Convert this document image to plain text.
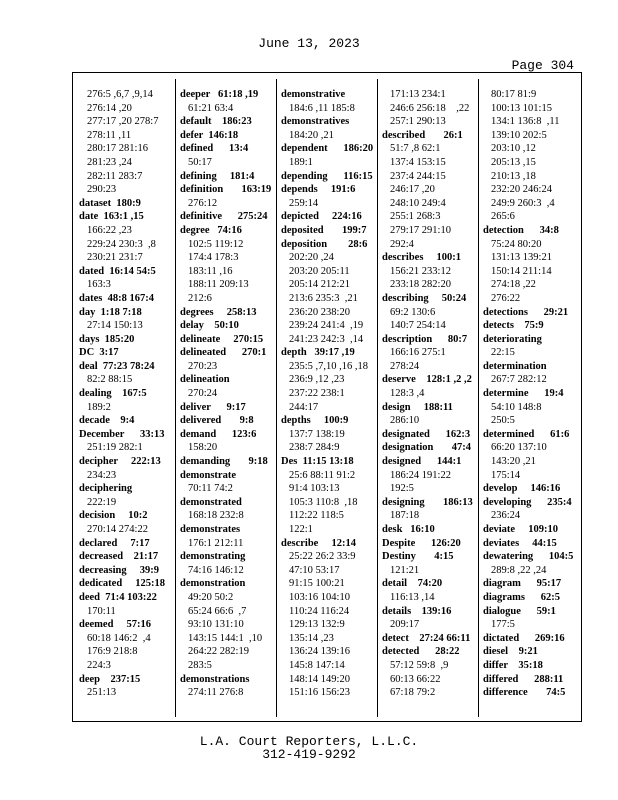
June 13, 2023
Page 304
276:5 ,6,7 ,9,14
276:14 ,20
277:17 ,20 278:7
278:11 ,11
280:17 281:16
281:23 ,24
282:11 283:7
290:23
dataset  180:9
date  163:1 ,15
166:22 ,23
229:24 230:3  ,8
230:21 231:7
dated  16:14 54:5
163:3
dates  48:8 167:4
day  1:18 7:18
27:14 150:13
days  185:20
DC  3:17
deal  77:23 78:24
82:2 88:15
dealing    167:5
189:2
decade    9:4
December      33:13
251:19 282:1
decipher     222:13
234:23
deciphering
222:19
decision     10:2
270:14 274:22
declared     7:17
decreased    21:17
decreasing     39:9
dedicated     125:18
deed  71:4 103:22
170:11
deemed     57:16
60:18 146:2  ,4
176:9 218:8
224:3
deep    237:15
251:13
deeper   61:18 ,19
61:21 63:4
default    186:23
defer  146:18
defined      13:4
50:17
defining     181:4
definition       163:19
276:12
definitive      275:24
degree   74:16
102:5 119:12
174:4 178:3
183:11 ,16
188:11 209:13
212:6
degrees     258:13
delay    50:10
delineate     270:15
delineated      270:1
270:23
delineation
270:24
deliver      9:17
delivered       9:8
demand      123:6
158:20
demanding       9:18
demonstrate
70:11 74:2
demonstrated
168:18 232:8
demonstrates
176:1 212:11
demonstrating
74:16 146:12
demonstration
49:20 50:2
65:24 66:6  ,7
93:10 131:10
143:15 144:1  ,10
264:22 282:19
283:5
demonstrations
274:11 276:8
demonstrative
184:6 ,11 185:8
demonstratives
184:20 ,21
dependent      186:20
189:1
depending      116:15
depends     191:6
259:14
depicted     224:16
deposited       199:7
deposition        28:6
202:20 ,24
203:20 205:11
205:14 212:21
213:6 235:3  ,21
236:20 238:20
239:24 241:4  ,19
241:23 242:3  ,14
depth   39:17 ,19
235:5 ,7,10 ,16 ,18
236:9 ,12 ,23
237:22 238:1
244:17
depths     100:9
137:7 138:19
238:7 284:9
Des  11:15 13:18
25:6 88:11 91:2
91:4 103:13
105:3 110:8  ,18
112:22 118:5
122:1
describe     12:14
25:22 26:2 33:9
47:10 53:17
91:15 100:21
103:16 104:10
110:24 116:24
129:13 132:9
135:14 ,23
136:24 139:16
145:8 147:14
148:14 149:20
151:16 156:23
171:13 234:1
246:6 256:18    ,22
257:1 290:13
described       26:1
51:7 ,8 62:1
137:4 153:15
237:4 244:15
246:17 ,20
248:10 249:4
255:1 268:3
279:17 291:10
292:4
describes     100:1
156:21 233:12
233:18 282:20
describing     50:24
69:2 130:6
140:7 254:14
description      80:7
166:16 275:1
278:24
deserve    128:1 ,2 ,2
128:3 ,4
design     188:11
286:10
designated      162:3
designation       47:4
designed      144:1
186:24 191:22
192:5
designing       186:13
187:18
desk   16:10
Despite      126:20
Destiny       4:15
121:21
detail    74:20
116:13 ,14
details    139:16
209:17
detect    27:24 66:11
detected      28:22
57:12 59:8  ,9
60:13 66:22
67:18 79:2
80:17 81:9
100:13 101:15
134:1 136:8  ,11
139:10 202:5
203:10 ,12
205:13 ,15
210:13 ,18
232:20 246:24
249:9 260:3  ,4
265:6
detection      34:8
75:24 80:20
131:13 139:21
150:14 211:14
274:18 ,22
276:22
detections      29:21
detects    75:9
deteriorating
22:15
determination
267:7 282:12
determine      19:4
54:10 148:8
250:5
determined      61:6
66:20 137:10
143:20 ,21
175:14
develop     146:16
developing      235:4
236:24
deviate     109:10
deviates     44:15
dewatering      104:5
289:8 ,22 ,24
diagram      95:17
diagrams      62:5
dialogue      59:1
177:5
dictated      269:16
diesel    9:21
differ    35:18
differed      288:11
difference       74:5
L.A. Court Reporters, L.L.C.
312-419-9292
